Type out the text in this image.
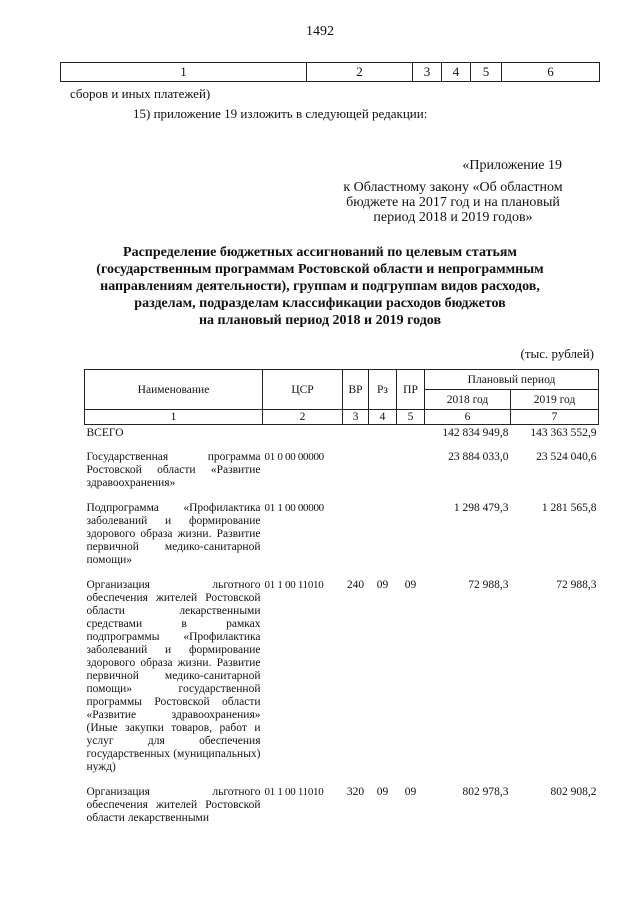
1492
1	2	3	4	5	6
сборов и иных платежей)
15) приложение 19 изложить в следующей редакции:
«Приложение 19
к Областному закону «Об областном
бюджете на 2017 год и на плановый
период 2018 и 2019 годов»
Распределение бюджетных ассигнований по целевым статьям
(государственным программам Ростовской области и непрограммным
направлениям деятельности), группам и подгруппам видов расходов,
разделам, подразделам классификации расходов бюджетов
на плановый период 2018 и 2019 годов
(тыс. рублей)
Наименование	ЦСР	ВР	Рз	ПР	Плановый период	
					2018 год	2019 год
1	2	3	4	5	6	7
ВСЕГО					142 834 949,8	143 363 552,9
Государственная программа Ростовской области «Развитие здравоохранения»	01 0 00 00000				23 884 033,0	23 524 040,6
Подпрограмма «Профилактика заболеваний и формирование здорового образа жизни. Развитие первичной медико-санитарной помощи»	01 1 00 00000				1 298 479,3	1 281 565,8
Организация льготного обеспечения жителей Ростовской области лекарственными средствами в рамках подпрограммы «Профилактика заболеваний и формирование здорового образа жизни. Развитие первичной медико-санитарной помощи» государственной программы Ростовской области «Развитие здравоохранения» (Иные закупки товаров, работ и услуг для обеспечения государственных (муниципальных) нужд)	01 1 00 11010	240	09	09	72 988,3	72 988,3
Организация льготного обеспечения жителей Ростовской области лекарственными	01 1 00 11010	320	09	09	802 978,3	802 908,2
